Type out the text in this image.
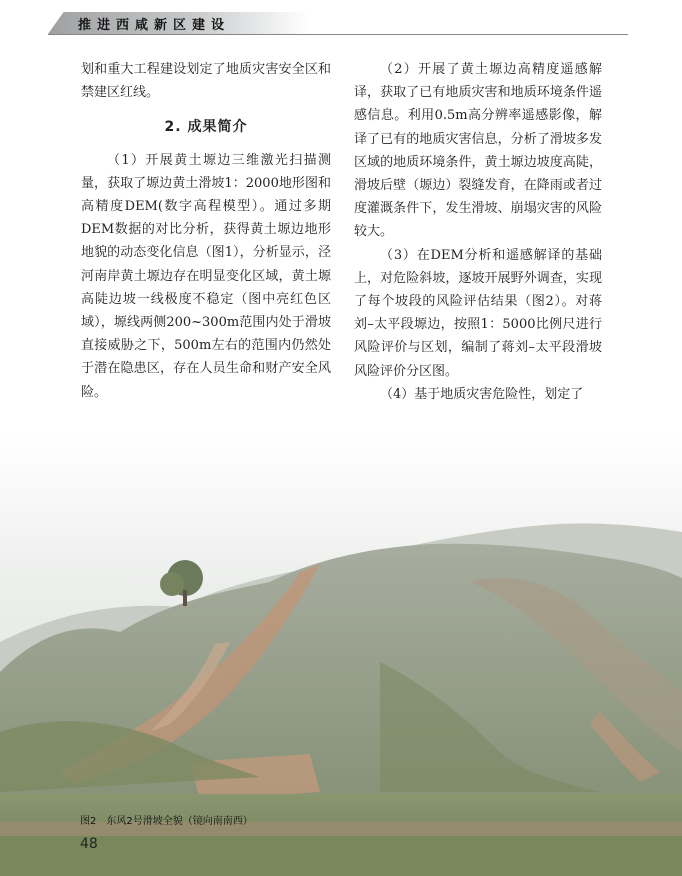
推进西咸新区建设

划和重大工程建设划定了地质灾害安全区和禁建区红线。

2. 成果简介

（1）开展黄土塬边三维激光扫描测量，获取了塬边黄土滑坡1：2000地形图和高精度DEM(数字高程模型）。通过多期DEM数据的对比分析，获得黄土塬边地形地貌的动态变化信息（图1），分析显示，泾河南岸黄土塬边存在明显变化区域，黄土塬高陡边坡一线极度不稳定（图中亮红色区域），塬线两侧200~300m范围内处于滑坡直接威胁之下，500m左右的范围内仍然处于潜在隐患区，存在人员生命和财产安全风险。

（2）开展了黄土塬边高精度遥感解译，获取了已有地质灾害和地质环境条件遥感信息。利用0.5m高分辨率遥感影像，解译了已有的地质灾害信息，分析了滑坡多发区域的地质环境条件，黄土塬边坡度高陡，滑坡后壁（塬边）裂缝发育，在降雨或者过度灌溉条件下，发生滑坡、崩塌灾害的风险较大。

（3）在DEM分析和遥感解译的基础上，对危险斜坡，逐坡开展野外调查，实现了每个坡段的风险评估结果（图2）。对蒋刘–太平段塬边，按照1：5000比例尺进行风险评价与区划，编制了蒋刘–太平段滑坡风险评价分区图。

（4）基于地质灾害危险性，划定了

图2　东风2号滑坡全貌（镜向南南西）
48
